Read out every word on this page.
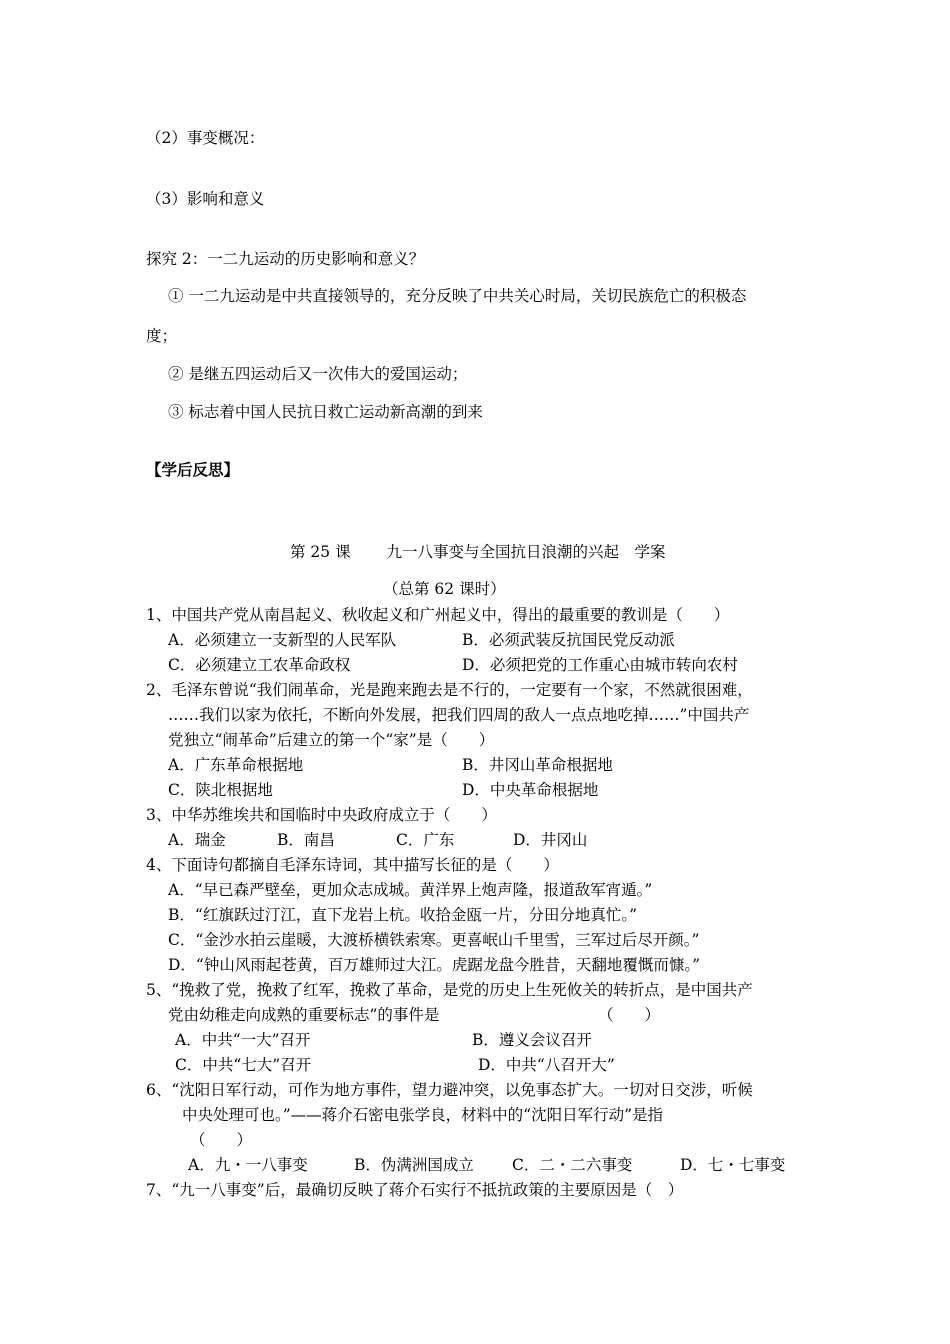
（2）事变概况：
（3）影响和意义
探究 2：一二九运动的历史影响和意义？
① 一二九运动是中共直接领导的，充分反映了中共关心时局，关切民族危亡的积极态
度；
② 是继五四运动后又一次伟大的爱国运动；
③ 标志着中国人民抗日救亡运动新高潮的到来
【学后反思】
第 25 课　　 九一八事变与全国抗日浪潮的兴起　学案
（总第 62 课时）
1、中国共产党从南昌起义、秋收起义和广州起义中，得出的最重要的教训是（　　）
A．必须建立一支新型的人民军队	B．必须武装反抗国民党反动派
C．必须建立工农革命政权	D．必须把党的工作重心由城市转向农村
2、毛泽东曾说“我们闹革命，光是跑来跑去是不行的，一定要有一个家，不然就很困难，
……我们以家为依托，不断向外发展，把我们四周的敌人一点点地吃掉……”中国共产
党独立“闹革命”后建立的第一个“家”是（　　）
A．广东革命根据地	B．井冈山革命根据地
C．陕北根据地	D．中央革命根据地
3、中华苏维埃共和国临时中央政府成立于（　　）
A．瑞金	B．南昌	C．广东	D．井冈山
4、下面诗句都摘自毛泽东诗词，其中描写长征的是（　　）
A．“早已森严壁垒，更加众志成城。黄洋界上炮声隆，报道敌军宵遁。”
B．“红旗跃过汀江，直下龙岩上杭。收拾金瓯一片，分田分地真忙。”
C．“金沙水拍云崖暖，大渡桥横铁索寒。更喜岷山千里雪，三军过后尽开颜。”
D．“钟山风雨起苍黄，百万雄师过大江。虎踞龙盘今胜昔，天翻地覆慨而慷。”
5、“挽救了党，挽救了红军，挽救了革命，是党的历史上生死攸关的转折点，是中国共产
党由幼稚走向成熟的重要标志”的事件是	（　　）
A．中共“一大”召开	B．遵义会议召开
C．中共“七大”召开	D．中共“八召开大”
6、“沈阳日军行动，可作为地方事件，望力避冲突，以免事态扩大。一切对日交涉，听候
中央处理可也。”——蒋介石密电张学良，材料中的“沈阳日军行动”是指
（　　）
A．九・一八事变	B．伪满洲国成立 C．二・二六事变	D．七・七事变
7、“九一八事变”后，最确切反映了蒋介石实行不抵抗政策的主要原因是（　）
